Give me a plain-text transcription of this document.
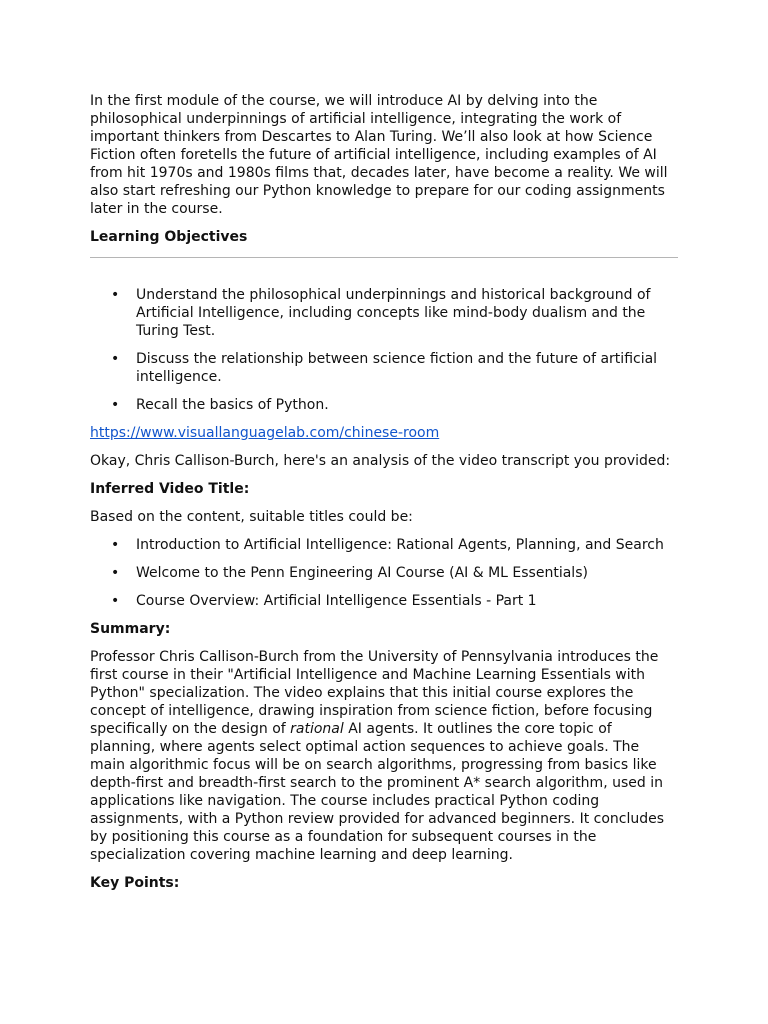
In the first module of the course, we will introduce AI by delving into the philosophical underpinnings of artificial intelligence, integrating the work of important thinkers from Descartes to Alan Turing. We’ll also look at how Science Fiction often foretells the future of artificial intelligence, including examples of AI from hit 1970s and 1980s films that, decades later, have become a reality. We will also start refreshing our Python knowledge to prepare for our coding assignments later in the course.

Learning Objectives
• Understand the philosophical underpinnings and historical background of Artificial Intelligence, including concepts like mind-body dualism and the Turing Test.
• Discuss the relationship between science fiction and the future of artificial intelligence.
• Recall the basics of Python.
https://www.visuallanguagelab.com/chinese-room

Okay, Chris Callison-Burch, here's an analysis of the video transcript you provided:

Inferred Video Title:

Based on the content, suitable titles could be:

• Introduction to Artificial Intelligence: Rational Agents, Planning, and Search
• Welcome to the Penn Engineering AI Course (AI & ML Essentials)
• Course Overview: Artificial Intelligence Essentials - Part 1
Summary:

Professor Chris Callison-Burch from the University of Pennsylvania introduces the first course in their "Artificial Intelligence and Machine Learning Essentials with Python" specialization. The video explains that this initial course explores the concept of intelligence, drawing inspiration from science fiction, before focusing specifically on the design of rational AI agents. It outlines the core topic of planning, where agents select optimal action sequences to achieve goals. The main algorithmic focus will be on search algorithms, progressing from basics like depth-first and breadth-first search to the prominent A* search algorithm, used in applications like navigation. The course includes practical Python coding assignments, with a Python review provided for advanced beginners. It concludes by positioning this course as a foundation for subsequent courses in the specialization covering machine learning and deep learning.

Key Points:
